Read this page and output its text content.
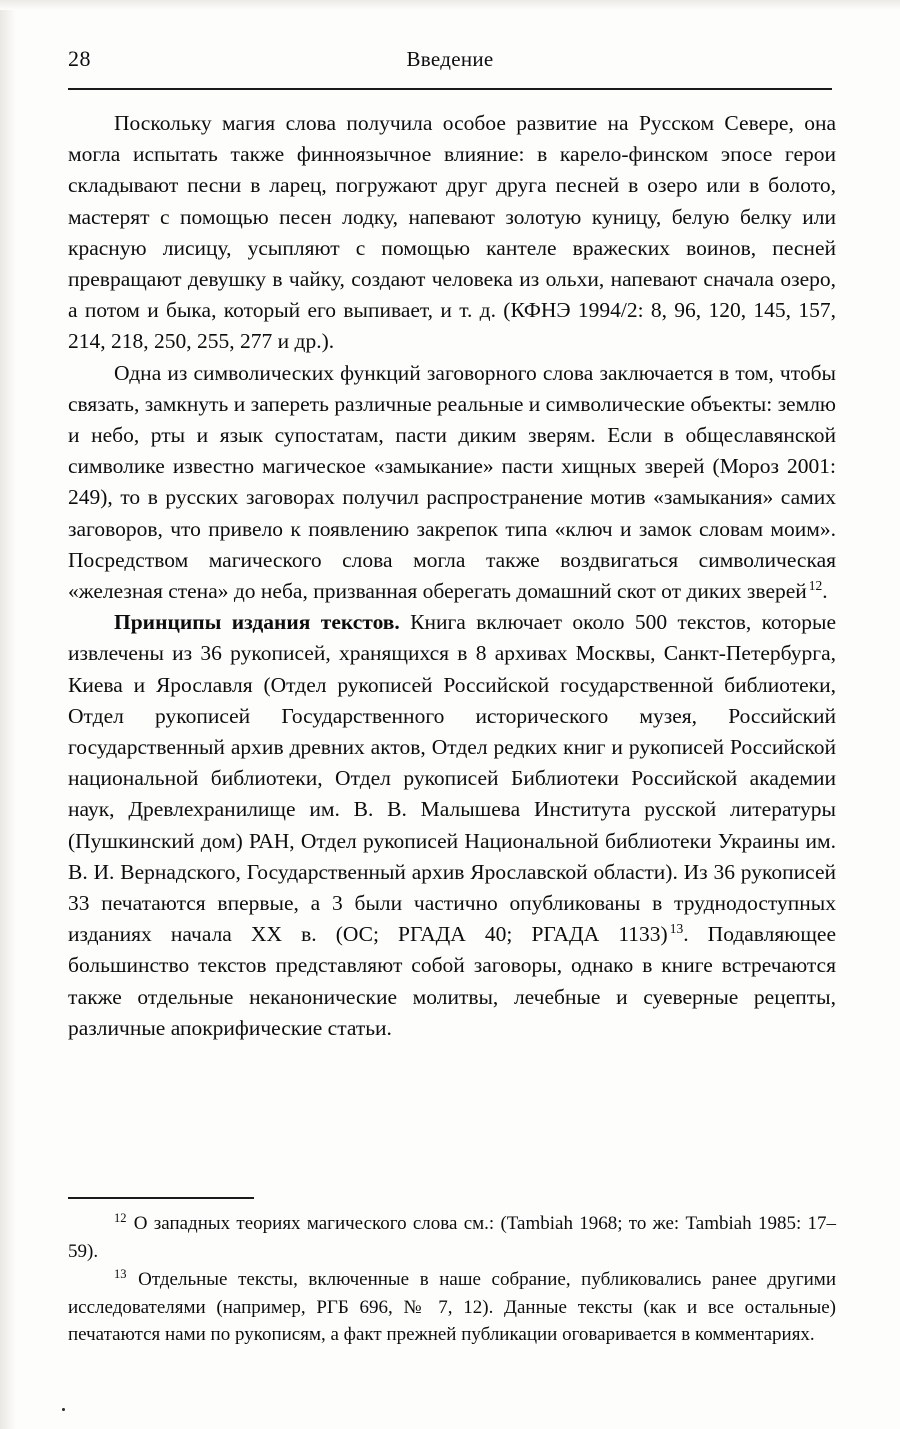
28	Введение

Поскольку магия слова получила особое развитие на Русском Севере, она могла испытать также финноязычное влияние: в карело-финском эпосе герои складывают песни в ларец, погружают друг друга песней в озеро или в болото, мастерят с помощью песен лодку, напевают золотую куницу, белую белку или красную лисицу, усыпляют с помощью кантеле вражеских воинов, песней превращают девушку в чайку, создают человека из ольхи, напевают сначала озеро, а потом и быка, который его выпивает, и т. д. (КФНЭ 1994/2: 8, 96, 120, 145, 157, 214, 218, 250, 255, 277 и др.).

Одна из символических функций заговорного слова заключается в том, чтобы связать, замкнуть и запереть различные реальные и символические объекты: землю и небо, рты и язык супостатам, пасти диким зверям. Если в общеславянской символике известно магическое «замыкание» пасти хищных зверей (Мороз 2001: 249), то в русских заговорах получил распространение мотив «замыкания» самих заговоров, что привело к появлению закрепок типа «ключ и замок словам моим». Посредством магического слова могла также воздвигаться символическая «железная стена» до неба, призванная оберегать домашний скот от диких зверей $^{12}$.

Принципы издания текстов. Книга включает около 500 текстов, которые извлечены из 36 рукописей, хранящихся в 8 архивах Москвы, Санкт-Петербурга, Киева и Ярославля (Отдел рукописей Российской государственной библиотеки, Отдел рукописей Государственного исторического музея, Российский государственный архив древних актов, Отдел редких книг и рукописей Российской национальной библиотеки, Отдел рукописей Библиотеки Российской академии наук, Древлехранилище им. В. В. Малышева Института русской литературы (Пушкинский дом) РАН, Отдел рукописей Национальной библиотеки Украины им. В. И. Вернадского, Государственный архив Ярославской области). Из 36 рукописей 33 печатаются впервые, а 3 были частично опубликованы в труднодоступных изданиях начала XX в. (ОС; РГАДА 40; РГАДА 1133) $^{13}$. Подавляющее большинство текстов представляют собой заговоры, однако в книге встречаются также отдельные неканонические молитвы, лечебные и суеверные рецепты, различные апокрифические статьи.

$^{12}$ О западных теориях магического слова см.: (Tambiah 1968; то же: Tambiah 1985: 17–59).

$^{13}$ Отдельные тексты, включенные в наше собрание, публиковались ранее другими исследователями (например, РГБ 696, № 7, 12). Данные тексты (как и все остальные) печатаются нами по рукописям, а факт прежней публикации оговаривается в комментариях.
